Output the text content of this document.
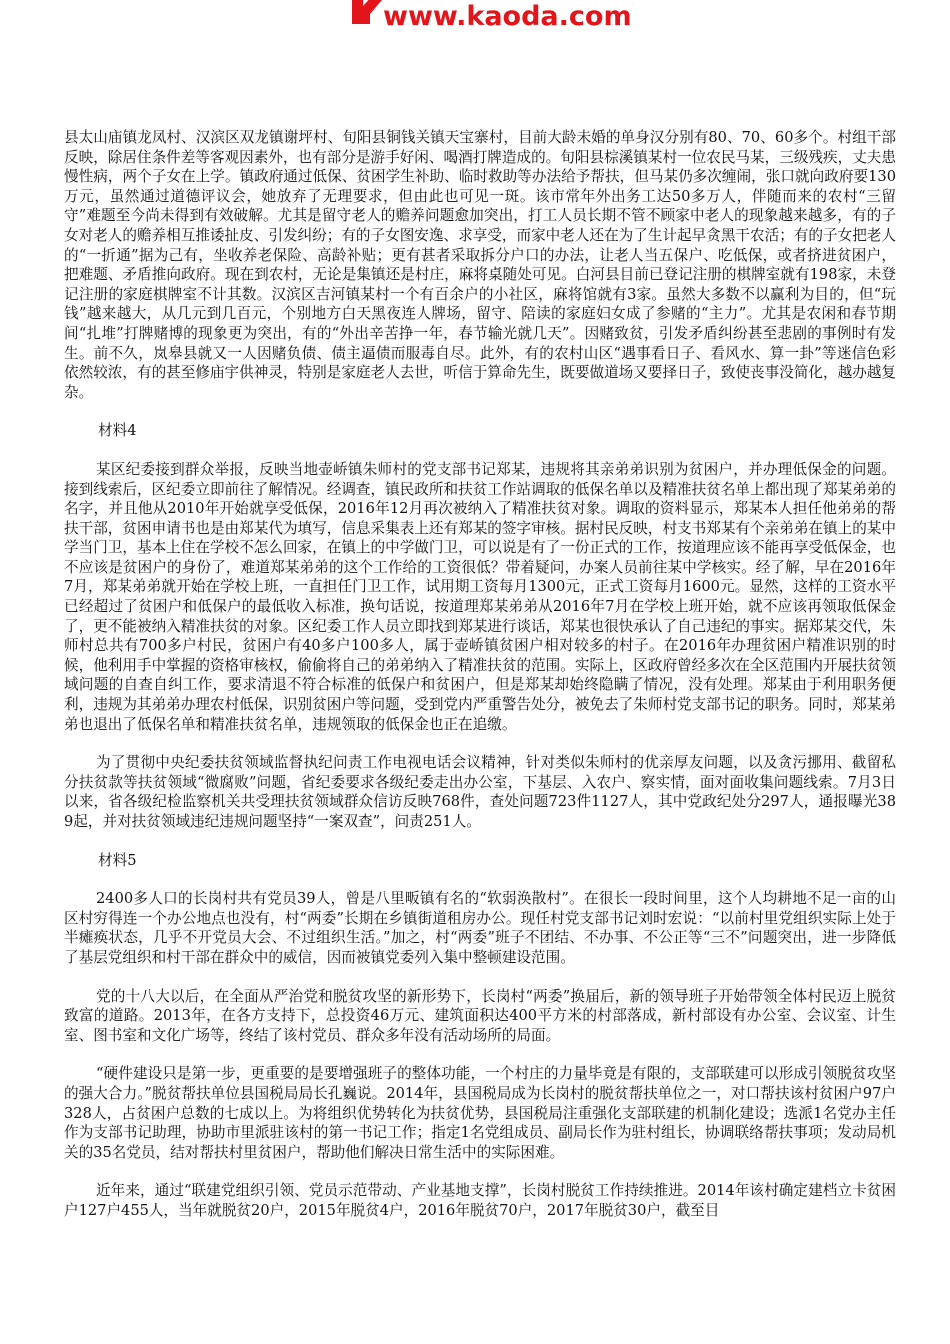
www.kaoda.com

县太山庙镇龙凤村、汉滨区双龙镇谢坪村、旬阳县铜钱关镇天宝寨村，目前大龄未婚的单身汉分别有80、70、60多个。村组干部反映，除居住条件差等客观因素外，也有部分是游手好闲、喝酒打牌造成的。旬阳县棕溪镇某村一位农民马某，三级残疾，丈夫患慢性病，两个子女在上学。镇政府通过低保、贫困学生补助、临时救助等办法给予帮扶，但马某仍多次缠闹，张口就向政府要130万元，虽然通过道德评议会，她放弃了无理要求，但由此也可见一斑。该市常年外出务工达50多万人，伴随而来的农村“三留守”难题至今尚未得到有效破解。尤其是留守老人的赡养问题愈加突出，打工人员长期不管不顾家中老人的现象越来越多，有的子女对老人的赡养相互推诿扯皮、引发纠纷；有的子女图安逸、求享受，而家中老人还在为了生计起早贪黑干农活；有的子女把老人的“一折通”据为己有，坐收养老保险、高龄补贴；更有甚者采取拆分户口的办法，让老人当五保户、吃低保，或者挤进贫困户，把难题、矛盾推向政府。现在到农村，无论是集镇还是村庄，麻将桌随处可见。白河县目前已登记注册的棋牌室就有198家，未登记注册的家庭棋牌室不计其数。汉滨区吉河镇某村一个有百余户的小社区，麻将馆就有3家。虽然大多数不以赢利为目的，但“玩钱”越来越大，从几元到几百元，个别地方白天黑夜连人牌场，留守、陪读的家庭妇女成了参赌的“主力”。尤其是农闲和春节期间“扎堆”打牌赌博的现象更为突出，有的“外出辛苦挣一年，春节输光就几天”。因赌致贫，引发矛盾纠纷甚至悲剧的事例时有发生。前不久，岚皋县就又一人因赌负债、债主逼债而服毒自尽。此外，有的农村山区“遇事看日子、看风水、算一卦”等迷信色彩依然较浓，有的甚至修庙宇供神灵，特别是家庭老人去世，听信于算命先生，既要做道场又要择日子，致使丧事没简化，越办越复杂。

材料4

某区纪委接到群众举报，反映当地壶峤镇朱师村的党支部书记郑某，违规将其亲弟弟识别为贫困户，并办理低保金的问题。接到线索后，区纪委立即前往了解情况。经调查，镇民政所和扶贫工作站调取的低保名单以及精准扶贫名单上都出现了郑某弟弟的名字，并且他从2010年开始就享受低保，2016年12月再次被纳入了精准扶贫对象。调取的资料显示，郑某本人担任他弟弟的帮扶干部，贫困申请书也是由郑某代为填写，信息采集表上还有郑某的签字审核。据村民反映，村支书郑某有个亲弟弟在镇上的某中学当门卫，基本上住在学校不怎么回家，在镇上的中学做门卫，可以说是有了一份正式的工作，按道理应该不能再享受低保金，也不应该是贫困户的身份了，难道郑某弟弟的这个工作给的工资很低？带着疑问，办案人员前往某中学核实。经了解，早在2016年7月，郑某弟弟就开始在学校上班，一直担任门卫工作，试用期工资每月1300元，正式工资每月1600元。显然，这样的工资水平已经超过了贫困户和低保户的最低收入标准，换句话说，按道理郑某弟弟从2016年7月在学校上班开始，就不应该再领取低保金了，更不能被纳入精准扶贫的对象。区纪委工作人员立即找到郑某进行谈话，郑某也很快承认了自己违纪的事实。据郑某交代，朱师村总共有700多户村民，贫困户有40多户100多人，属于壶峤镇贫困户相对较多的村子。在2016年办理贫困户精准识别的时候，他利用手中掌握的资格审核权，偷偷将自己的弟弟纳入了精准扶贫的范围。实际上，区政府曾经多次在全区范围内开展扶贫领域问题的自查自纠工作，要求清退不符合标准的低保户和贫困户，但是郑某却始终隐瞒了情况，没有处理。郑某由于利用职务便利，违规为其弟弟办理农村低保，识别贫困户等问题，受到党内严重警告处分，被免去了朱师村党支部书记的职务。同时，郑某弟弟也退出了低保名单和精准扶贫名单，违规领取的低保金也正在追缴。

为了贯彻中央纪委扶贫领域监督执纪问责工作电视电话会议精神，针对类似朱师村的优亲厚友问题，以及贪污挪用、截留私分扶贫款等扶贫领域“微腐败”问题，省纪委要求各级纪委走出办公室，下基层、入农户、察实情，面对面收集问题线索。7月3日以来，省各级纪检监察机关共受理扶贫领域群众信访反映768件，查处问题723件1127人，其中党政纪处分297人，通报曝光389起，并对扶贫领域违纪违规问题坚持“一案双查”，问责251人。

材料5

2400多人口的长岗村共有党员39人，曾是八里畈镇有名的“软弱涣散村”。在很长一段时间里，这个人均耕地不足一亩的山区村穷得连一个办公地点也没有，村“两委”长期在乡镇街道租房办公。现任村党支部书记刘时宏说：“以前村里党组织实际上处于半瘫痪状态，几乎不开党员大会、不过组织生活。”加之，村“两委”班子不团结、不办事、不公正等“三不”问题突出，进一步降低了基层党组织和村干部在群众中的威信，因而被镇党委列入集中整顿建设范围。

党的十八大以后，在全面从严治党和脱贫攻坚的新形势下，长岗村“两委”换届后，新的领导班子开始带领全体村民迈上脱贫致富的道路。2013年，在各方支持下，总投资46万元、建筑面积达400平方米的村部落成，新村部设有办公室、会议室、计生室、图书室和文化广场等，终结了该村党员、群众多年没有活动场所的局面。

“硬件建设只是第一步，更重要的是要增强班子的整体功能，一个村庄的力量毕竟是有限的，支部联建可以形成引领脱贫攻坚的强大合力。”脱贫帮扶单位县国税局局长孔巍说。2014年，县国税局成为长岗村的脱贫帮扶单位之一，对口帮扶该村贫困户97户328人，占贫困户总数的七成以上。为将组织优势转化为扶贫优势，县国税局注重强化支部联建的机制化建设；选派1名党办主任作为支部书记助理，协助市里派驻该村的第一书记工作；指定1名党组成员、副局长作为驻村组长，协调联络帮扶事项；发动局机关的35名党员，结对帮扶村里贫困户，帮助他们解决日常生活中的实际困难。

近年来，通过“联建党组织引领、党员示范带动、产业基地支撑”，长岗村脱贫工作持续推进。2014年该村确定建档立卡贫困户127户455人，当年就脱贫20户，2015年脱贫4户，2016年脱贫70户，2017年脱贫30户，截至目
